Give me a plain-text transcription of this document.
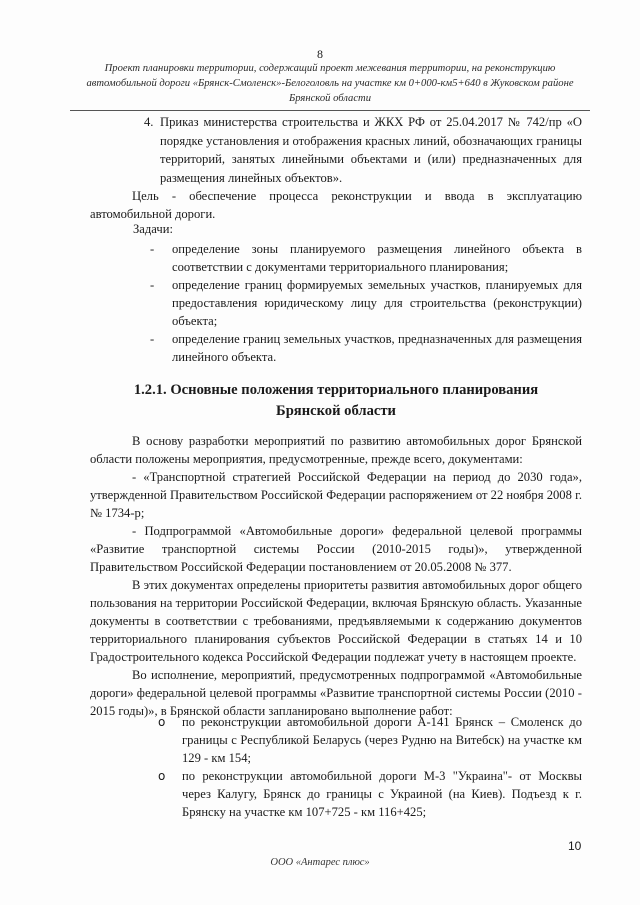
8
Проект планировки территории, содержащий проект межевания территории, на реконструкцию
автомобильной дороги «Брянск-Смоленск»-Белоголовль на участке км 0+000-км5+640 в Жуковском районе
Брянской области
4. Приказ министерства строительства и ЖКХ РФ от 25.04.2017 № 742/пр «О порядке установления и отображения красных линий, обозначающих границы территорий, занятых линейными объектами и (или) предназначенных для размещения линейных объектов».

Цель - обеспечение процесса реконструкции и ввода в эксплуатацию автомобильной дороги.

Задачи:
- определение зоны планируемого размещения линейного объекта в соответствии с документами территориального планирования;
- определение границ формируемых земельных участков, планируемых для предоставления юридическому лицу для строительства (реконструкции) объекта;
- определение границ земельных участков, предназначенных для размещения линейного объекта.
1.2.1. Основные положения территориального планирования
Брянской области

В основу разработки мероприятий по развитию автомобильных дорог Брянской области положены мероприятия, предусмотренные, прежде всего, документами:

- «Транспортной стратегией Российской Федерации на период до 2030 года», утвержденной Правительством Российской Федерации распоряжением от 22 ноября 2008 г. № 1734-р;

- Подпрограммой «Автомобильные дороги» федеральной целевой программы «Развитие транспортной системы России (2010-2015 годы)», утвержденной Правительством Российской Федерации постановлением от 20.05.2008 № 377.

В этих документах определены приоритеты развития автомобильных дорог общего пользования на территории Российской Федерации, включая Брянскую область. Указанные документы в соответствии с требованиями, предъявляемыми к содержанию документов территориального планирования субъектов Российской Федерации в статьях 14 и 10 Градостроительного кодекса Российской Федерации подлежат учету в настоящем проекте.

Во исполнение, мероприятий, предусмотренных подпрограммой «Автомобильные дороги» федеральной целевой программы «Развитие транспортной системы России (2010 - 2015 годы)», в Брянской области запланировано выполнение работ:

o по реконструкции автомобильной дороги А-141 Брянск – Смоленск до границы с Республикой Беларусь (через Рудню на Витебск) на участке км 129 - км 154;
o по реконструкции автомобильной дороги М-3 "Украина"- от Москвы через Калугу, Брянск до границы с Украиной (на Киев). Подъезд к г. Брянску на участке км 107+725 - км 116+425;
10
ООО «Антарес плюс»
